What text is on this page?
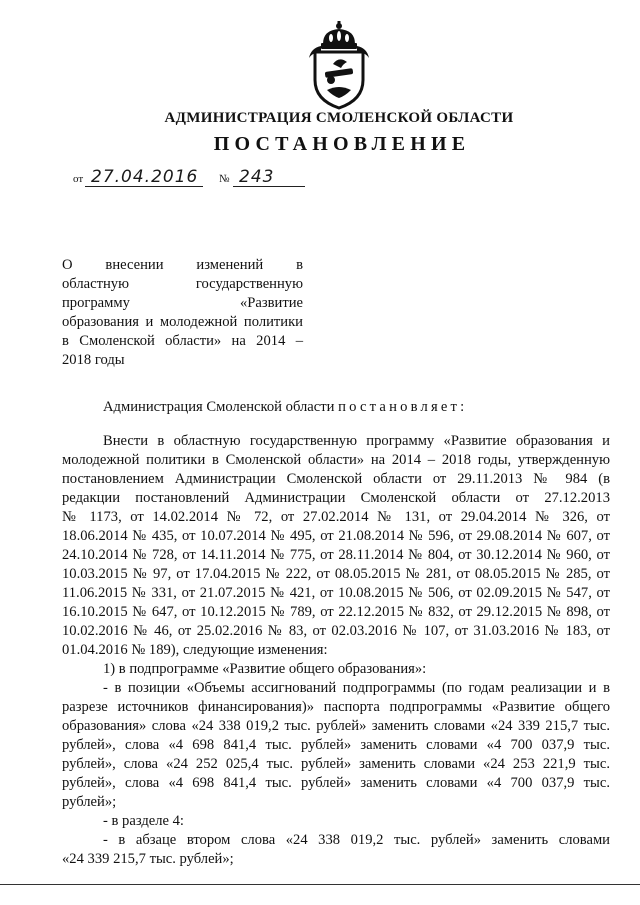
АДМИНИСТРАЦИЯ СМОЛЕНСКОЙ ОБЛАСТИ
ПОСТАНОВЛЕНИЕ
от 27.04.2016	№ 243
О внесении изменений в
областную государственную
программу «Развитие
образования и молодежной политики
в Смоленской области» на 2014 –
2018 годы
Администрация Смоленской области постановляет:
Внести в областную государственную программу «Развитие образования и
молодежной политики в Смоленской области» на 2014 – 2018 годы, утвержденную
постановлением Администрации Смоленской области от 29.11.2013 № 984 (в
редакции постановлений Администрации Смоленской области от 27.12.2013
№ 1173, от 14.02.2014 № 72, от 27.02.2014 № 131, от 29.04.2014 № 326, от
18.06.2014 № 435, от 10.07.2014 № 495, от 21.08.2014 № 596, от 29.08.2014 № 607, от
24.10.2014 № 728, от 14.11.2014 № 775, от 28.11.2014 № 804, от 30.12.2014 № 960, от
10.03.2015 № 97, от 17.04.2015 № 222, от 08.05.2015 № 281, от 08.05.2015 № 285, от
11.06.2015 № 331, от 21.07.2015 № 421, от 10.08.2015 № 506, от 02.09.2015 № 547, от
16.10.2015 № 647, от 10.12.2015 № 789, от 22.12.2015 № 832, от 29.12.2015 № 898, от
10.02.2016 № 46, от 25.02.2016 № 83, от 02.03.2016 № 107, от 31.03.2016 № 183, от
01.04.2016 № 189), следующие изменения:
1) в подпрограмме «Развитие общего образования»:
- в позиции «Объемы ассигнований подпрограммы (по годам реализации и в
разрезе источников финансирования)» паспорта подпрограммы «Развитие общего
образования» слова «24 338 019,2 тыс. рублей» заменить словами «24 339 215,7 тыс.
рублей», слова «4 698 841,4 тыс. рублей» заменить словами «4 700 037,9 тыс.
рублей», слова «24 252 025,4 тыс. рублей» заменить словами «24 253 221,9 тыс.
рублей», слова «4 698 841,4 тыс. рублей» заменить словами «4 700 037,9 тыс.
рублей»;
- в разделе 4:
- в абзаце втором слова «24 338 019,2 тыс. рублей» заменить словами
«24 339 215,7 тыс. рублей»;
